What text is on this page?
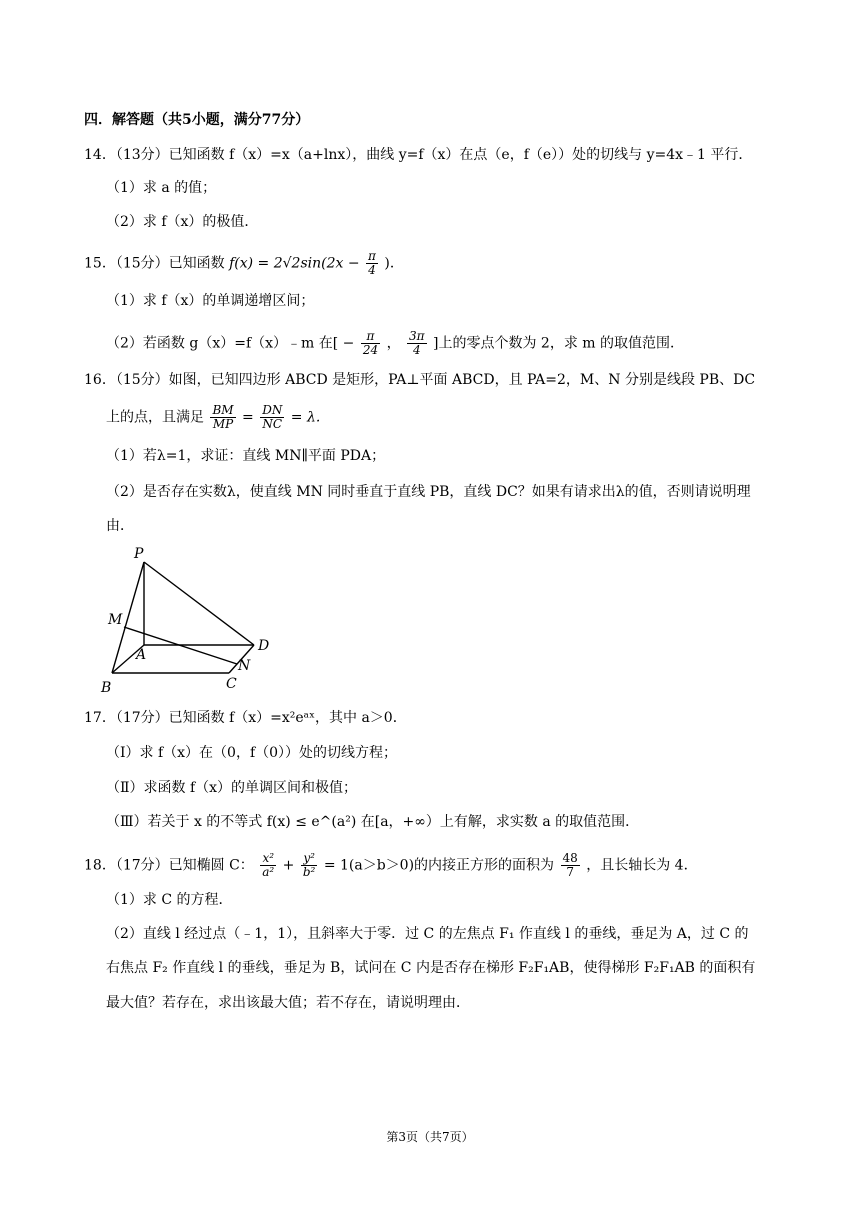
四．解答题（共5小题，满分77分）
14．（13分）已知函数 f（x）=x（a+lnx），曲线 y=f（x）在点（e，f（e））处的切线与 y=4x﹣1 平行．
（1）求 a 的值；
（2）求 f（x）的极值．
15．（15分）已知函数 $f(x) = 2√2\sin(2x - \frac{\pi}{4}$ )．
（1）求 f（x）的单调递增区间；
（2）若函数 g（x）=f（x）﹣m 在[ − $\frac{\pi}{24}$ ， $\frac{3\pi}{4}$ ]上的零点个数为 2，求 m 的取值范围．
16．（15分）如图，已知四边形 ABCD 是矩形，PA⊥平面 ABCD，且 PA=2，M、N 分别是线段 PB、DC
上的点，且满足 $\frac{BM}{MP} = \frac{DN}{NC} = \lambda$.
（1）若λ=1，求证：直线 MN∥平面 PDA；
（2）是否存在实数λ，使直线 MN 同时垂直于直线 PB，直线 DC？如果有请求出λ的值，否则请说明理
由．
P
M
A
D
N
B	C
17．（17分）已知函数 f（x）=x²eᵃˣ，其中 a＞0．
（Ⅰ）求 f（x）在（0，f（0））处的切线方程；
（Ⅱ）求函数 f（x）的单调区间和极值；
（Ⅲ）若关于 x 的不等式 f(x) ≤ e^(a²) 在[a，+∞）上有解，求实数 a 的取值范围．
18．（17分）已知椭圆 C： $\frac{\text{x²}}{\text{a²}} + \frac{\text{y²}}{\text{b²}} = 1(a>b>0)$的内接正方形的面积为 $\frac{48}{7}$ ，且长轴长为 4．
（1）求 C 的方程．
（2）直线 l 经过点（﹣1，1），且斜率大于零．过 C 的左焦点 F₁ 作直线 l 的垂线，垂足为 A，过 C 的
右焦点 F₂ 作直线 l 的垂线，垂足为 B，试问在 C 内是否存在梯形 F₂F₁AB，使得梯形 F₂F₁AB 的面积有
最大值？若存在，求出该最大值；若不存在，请说明理由．
第3页（共7页）
